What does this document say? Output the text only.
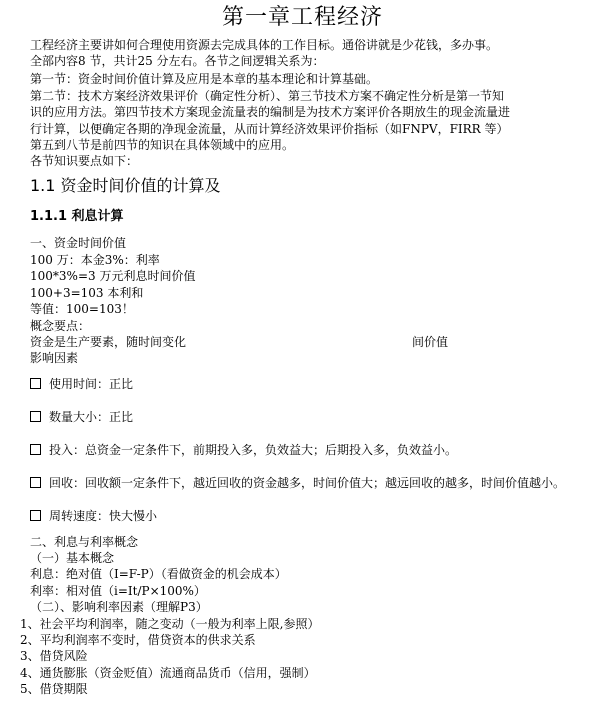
第一章工程经济
工程经济主要讲如何合理使用资源去完成具体的工作目标。通俗讲就是少花钱，多办事。
全部内容8 节，共计25 分左右。各节之间逻辑关系为：
第一节：资金时间价值计算及应用是本章的基本理论和计算基础。
第二节：技术方案经济效果评价（确定性分析）、第三节技术方案不确定性分析是第一节知
识的应用方法。第四节技术方案现金流量表的编制是为技术方案评价各期放生的现金流量进
行计算，以便确定各期的净现金流量，从而计算经济效果评价指标（如FNPV，FIRR 等）
第五到八节是前四节的知识在具体领域中的应用。
各节知识要点如下：
1.1 资金时间价值的计算及
1.1.1 利息计算
一、资金时间价值
100 万：本金3%：利率
100*3%=3 万元利息时间价值
100+3=103 本利和
等值：100=103！
概念要点：
资金是生产要素，随时间变化	间价值
影响因素
使用时间：正比
数量大小：正比
投入：总资金一定条件下，前期投入多，负效益大；后期投入多，负效益小。
回收：回收额一定条件下，越近回收的资金越多，时间价值大；越远回收的越多，时间价值越小。
周转速度：快大慢小
二、利息与利率概念
（一）基本概念
利息：绝对值（I=F-P）（看做资金的机会成本）
利率：相对值（i=It/P×100%）
（二）、影响利率因素（理解P3）
1、社会平均利润率，随之变动（一般为利率上限,参照）
2、平均利润率不变时，借贷资本的供求关系
3、借贷风险
4、通货膨胀（资金贬值）流通商品货币（信用，强制）
5、借贷期限
